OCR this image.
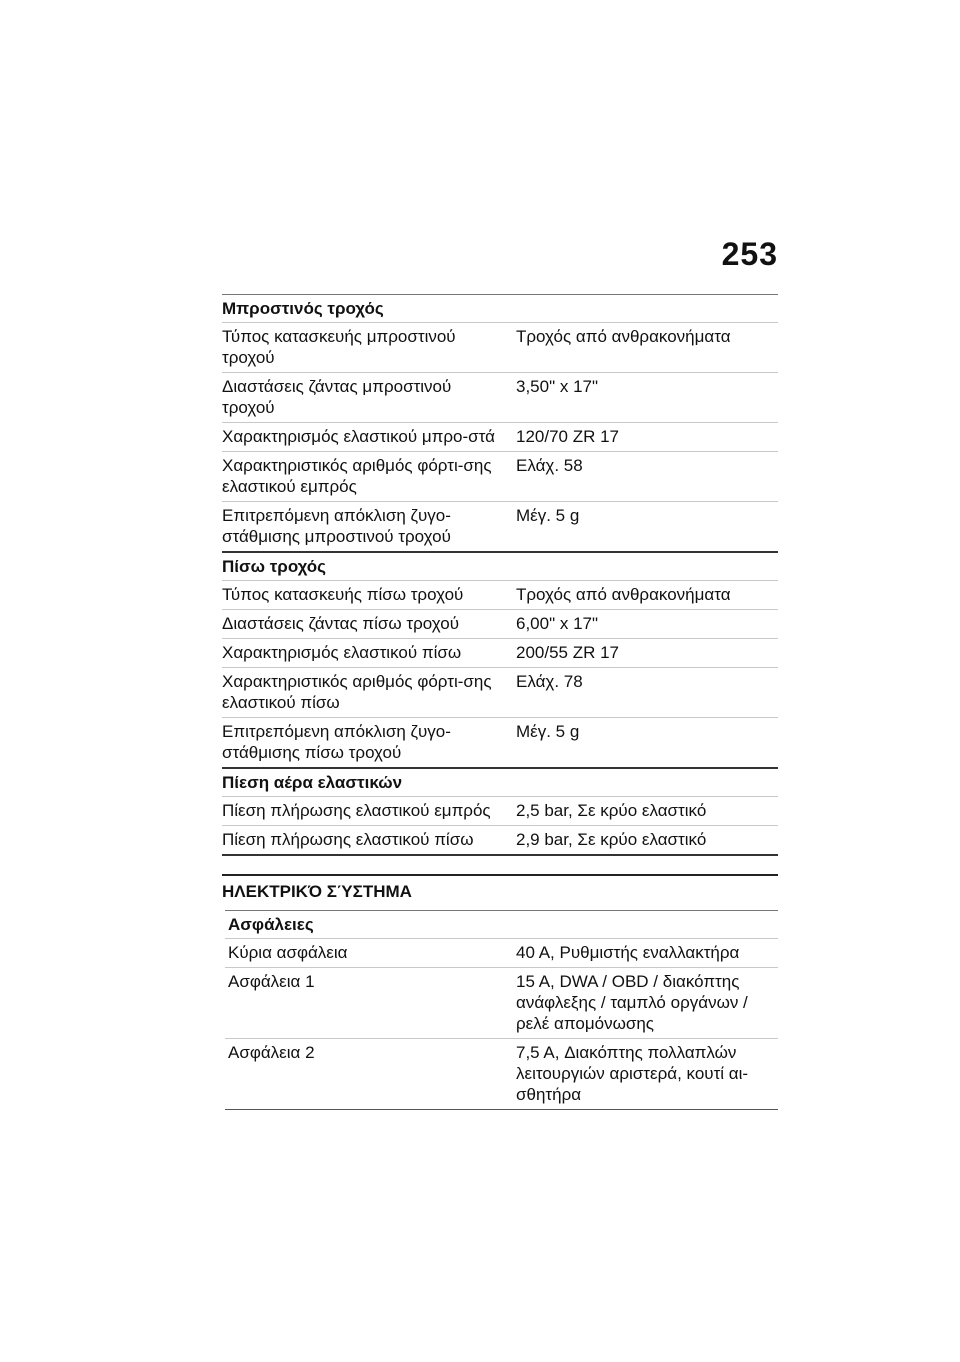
253
Μπροστινός τροχός	
Τύπος κατασκευής μπροστινού τροχού	Τροχός από ανθρακονήματα
Διαστάσεις ζάντας μπροστινού τροχού	3,50" x 17"
Χαρακτηρισμός ελαστικού μπρο-στά	120/70 ZR 17
Χαρακτηριστικός αριθμός φόρτι-σης ελαστικού εμπρός	Ελάχ. 58
Επιτρεπόμενη απόκλιση ζυγο-στάθμισης μπροστινού τροχού	Μέγ. 5 g
Πίσω τροχός	
Τύπος κατασκευής πίσω τροχού	Τροχός από ανθρακονήματα
Διαστάσεις ζάντας πίσω τροχού	6,00" x 17"
Χαρακτηρισμός ελαστικού πίσω	200/55 ZR 17
Χαρακτηριστικός αριθμός φόρτι-σης ελαστικού πίσω	Ελάχ. 78
Επιτρεπόμενη απόκλιση ζυγο-στάθμισης πίσω τροχού	Μέγ. 5 g
Πίεση αέρα ελαστικών	
Πίεση πλήρωσης ελαστικού εμπρός	2,5 bar, Σε κρύο ελαστικό
Πίεση πλήρωσης ελαστικού πίσω	2,9 bar, Σε κρύο ελαστικό
ΗΛΕΚΤΡΙΚΌ ΣΎΣΤΗΜΑ
Ασφάλειες	
Κύρια ασφάλεια	40 A, Ρυθμιστής εναλλακτήρα
Ασφάλεια 1	15 A, DWA / OBD / διακόπτης ανάφλεξης / ταμπλό οργάνων / ρελέ απομόνωσης
Ασφάλεια 2	7,5 A, Διακόπτης πολλαπλών λειτουργιών αριστερά, κουτί αι-σθητήρα
